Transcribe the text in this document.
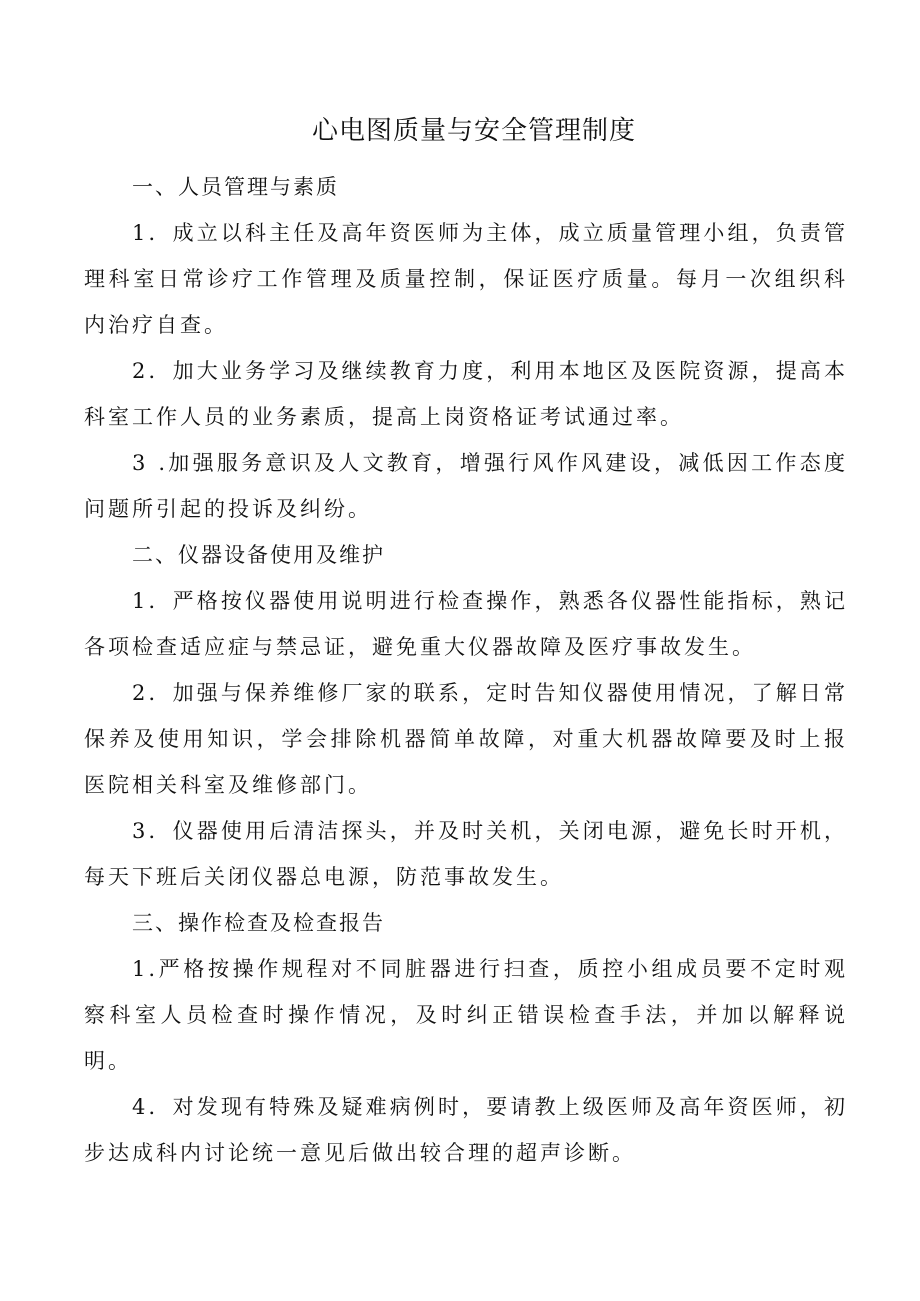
心电图质量与安全管理制度

一、人员管理与素质

1．成立以科主任及高年资医师为主体，成立质量管理小组，负责管理科室日常诊疗工作管理及质量控制，保证医疗质量。每月一次组织科内治疗自查。

2．加大业务学习及继续教育力度，利用本地区及医院资源，提高本科室工作人员的业务素质，提高上岗资格证考试通过率。

3 .加强服务意识及人文教育，增强行风作风建设，减低因工作态度问题所引起的投诉及纠纷。

二、仪器设备使用及维护

1．严格按仪器使用说明进行检查操作，熟悉各仪器性能指标，熟记各项检查适应症与禁忌证，避免重大仪器故障及医疗事故发生。

2．加强与保养维修厂家的联系，定时告知仪器使用情况，了解日常保养及使用知识，学会排除机器简单故障，对重大机器故障要及时上报医院相关科室及维修部门。

3．仪器使用后清洁探头，并及时关机，关闭电源，避免长时开机，每天下班后关闭仪器总电源，防范事故发生。

三、操作检查及检查报告

1.严格按操作规程对不同脏器进行扫查，质控小组成员要不定时观察科室人员检查时操作情况，及时纠正错误检查手法，并加以解释说明。

4．对发现有特殊及疑难病例时，要请教上级医师及高年资医师，初步达成科内讨论统一意见后做出较合理的超声诊断。
